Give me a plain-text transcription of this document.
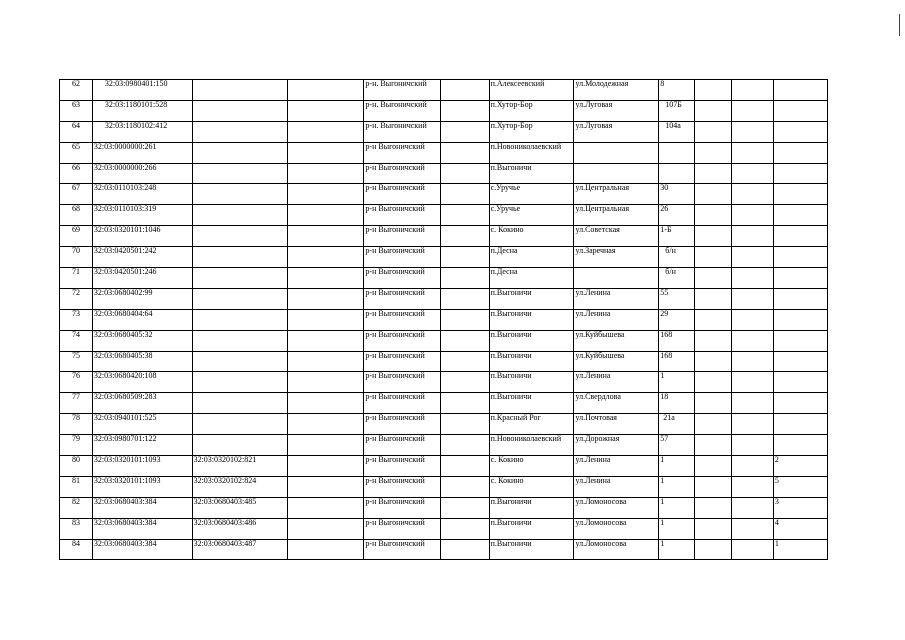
62	32:03:0980401:150			р-н. Выгоничский		п.Алексеевский	ул.Молодежная	8			
63	32:03:1180101:528			р-н. Выгоничский		п.Хутор-Бор	ул.Луговая	107Б			
64	32:03:1180102:412			р-н. Выгоничский		п.Хутор-Бор	ул.Луговая	104а			
65	32:03:0000000:261			р-н Выгоничский		п.Новониколаевский					
66	32:03:0000000:266			р-н Выгоничский		п.Выгоничи					
67	32:03:0110103:248			р-н Выгоничский		с.Уручье	ул.Центральная	30			
68	32:03:0110103:319			р-н Выгоничский		с.Уручье	ул.Центральная	26			
69	32:03:0320101:1046			р-н Выгоничский		с. Кокино	ул.Советская	1-Б			
70	32:03:0420501:242			р-н Выгоничский		п.Десна	ул.Заречная	б/н			
71	32:03:0420501:246			р-н Выгоничский		п.Десна		б/н			
72	32:03:0680402:99			р-н Выгоничский		п.Выгоничи	ул.Ленина	55			
73	32:03:0680404:64			р-н Выгоничский		п.Выгоничи	ул.Ленина	29			
74	32:03:0680405:32			р-н Выгоничский		п.Выгоничи	ул.Куйбышева	168			
75	32:03:0680405:38			р-н Выгоничский		п.Выгоничи	ул.Куйбышева	168			
76	32:03:0680420:108			р-н Выгоничский		п.Выгоничи	ул.Ленина	1			
77	32:03:0680509:283			р-н Выгоничский		п.Выгоничи	ул.Свердлова	18			
78	32:03:0940101:525			р-н Выгоничский		п.Красный Рог	ул.Почтовая	21а			
79	32:03:0980701:122			р-н Выгоничский		п.Новониколаевский	ул.Дорожная	57			
80	32:03:0320101:1093	32:03:0320102:821		р-н Выгоничский		с. Кокино	ул.Ленина	1			2
81	32:03:0320101:1093	32:03:0320102:824		р-н Выгоничский		с. Кокино	ул.Ленина	1			5
82	32:03:0680403:384	32:03:0680403:485		р-н Выгоничский		п.Выгоничи	ул.Ломоносова	1			3
83	32:03:0680403:384	32:03:0680403:486		р-н Выгоничский		п.Выгоничи	ул.Ломоносова	1			4
84	32:03:0680403:384	32:03:0680403:487		р-н Выгоничский		п.Выгоничи	ул.Ломоносова	1			1
